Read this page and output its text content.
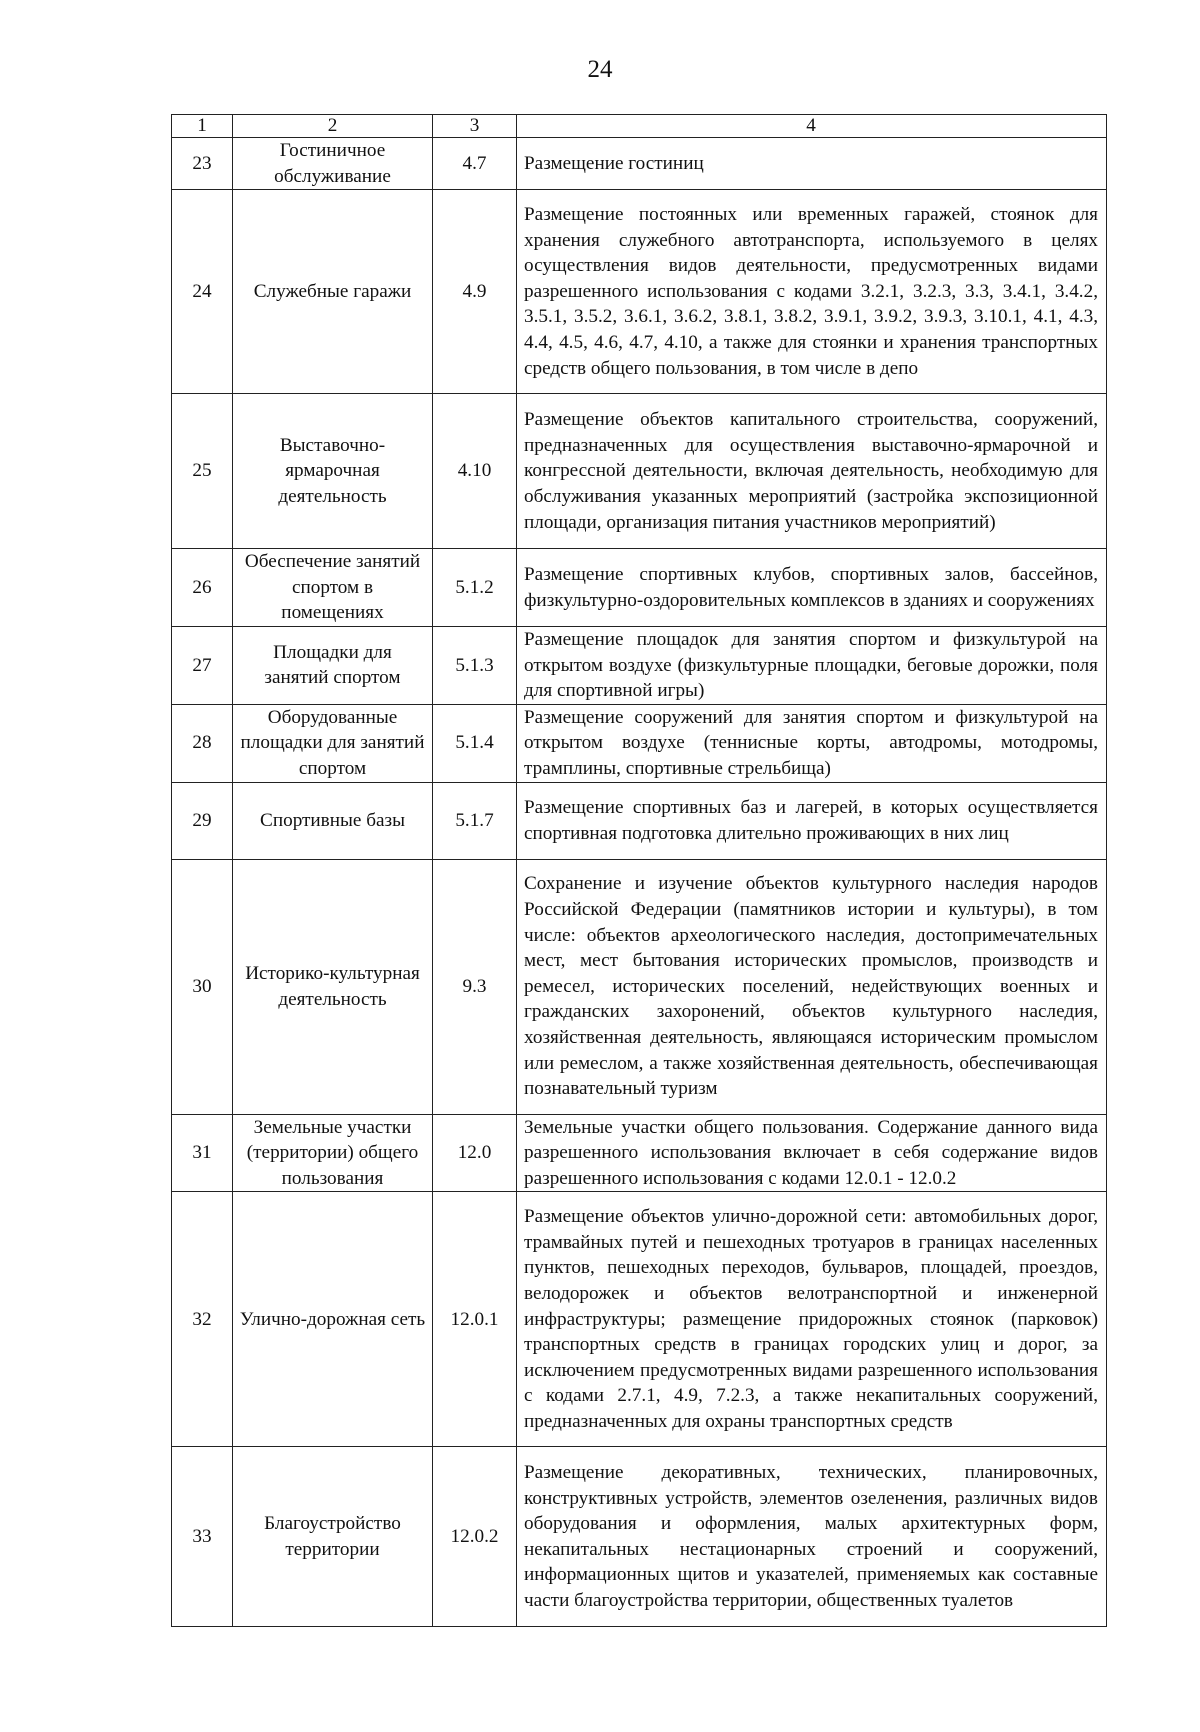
24
1	2	3	4
23	Гостиничное обслуживание	4.7	Размещение гостиниц
24	Служебные гаражи	4.9	Размещение постоянных или временных гаражей, стоянок для хранения служебного автотранспорта, используемого в целях осуществления видов деятельности, предусмотренных видами разрешенного использования с кодами 3.2.1, 3.2.3, 3.3, 3.4.1, 3.4.2, 3.5.1, 3.5.2, 3.6.1, 3.6.2, 3.8.1, 3.8.2, 3.9.1, 3.9.2, 3.9.3, 3.10.1, 4.1, 4.3, 4.4, 4.5, 4.6, 4.7, 4.10, а также для стоянки и хранения транспортных средств общего пользования, в том числе в депо
25	Выставочно-ярмарочная деятельность	4.10	Размещение объектов капитального строительства, сооружений, предназначенных для осуществления выставочно-ярмарочной и конгрессной деятельности, включая деятельность, необходимую для обслуживания указанных мероприятий (застройка экспозиционной площади, организация питания участников мероприятий)
26	Обеспечение занятий спортом в помещениях	5.1.2	Размещение спортивных клубов, спортивных залов, бассейнов, физкультурно-оздоровительных комплексов в зданиях и сооружениях
27	Площадки для занятий спортом	5.1.3	Размещение площадок для занятия спортом и физкультурой на открытом воздухе (физкультурные площадки, беговые дорожки, поля для спортивной игры)
28	Оборудованные площадки для занятий спортом	5.1.4	Размещение сооружений для занятия спортом и физкультурой на открытом воздухе (теннисные корты, автодромы, мотодромы, трамплины, спортивные стрельбища)
29	Спортивные базы	5.1.7	Размещение спортивных баз и лагерей, в которых осуществляется спортивная подготовка длительно проживающих в них лиц
30	Историко-культурная деятельность	9.3	Сохранение и изучение объектов культурного наследия народов Российской Федерации (памятников истории и культуры), в том числе: объектов археологического наследия, достопримечательных мест, мест бытования исторических промыслов, производств и ремесел, исторических поселений, недействующих военных и гражданских захоронений, объектов культурного наследия, хозяйственная деятельность, являющаяся историческим промыслом или ремеслом, а также хозяйственная деятельность, обеспечивающая познавательный туризм
31	Земельные участки (территории) общего пользования	12.0	Земельные участки общего пользования. Содержание данного вида разрешенного использования включает в себя содержание видов разрешенного использования с кодами 12.0.1 - 12.0.2
32	Улично-дорожная сеть	12.0.1	Размещение объектов улично-дорожной сети: автомобильных дорог, трамвайных путей и пешеходных тротуаров в границах населенных пунктов, пешеходных переходов, бульваров, площадей, проездов, велодорожек и объектов велотранспортной и инженерной инфраструктуры; размещение придорожных стоянок (парковок) транспортных средств в границах городских улиц и дорог, за исключением предусмотренных видами разрешенного использования с кодами 2.7.1, 4.9, 7.2.3, а также некапитальных сооружений, предназначенных для охраны транспортных средств
33	Благоустройство территории	12.0.2	Размещение декоративных, технических, планировочных, конструктивных устройств, элементов озеленения, различных видов оборудования и оформления, малых архитектурных форм, некапитальных нестационарных строений и сооружений, информационных щитов и указателей, применяемых как составные части благоустройства территории, общественных туалетов
